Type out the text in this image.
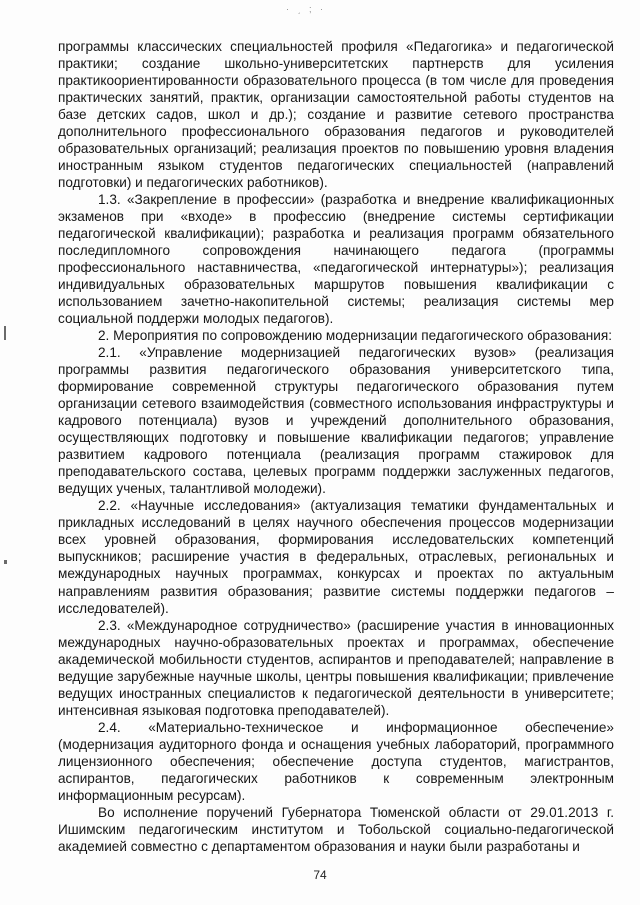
· ˏ ; ·

программы классических специальностей профиля «Педагогика» и педагогической практики; создание школьно-университетских партнерств для усиления практикоориентированности образовательного процесса (в том числе для проведения практических занятий, практик, организации самостоятельной работы студентов на базе детских садов, школ и др.); создание и развитие сетевого пространства дополнительного профессионального образования педагогов и руководителей образовательных организаций; реализация проектов по повышению уровня владения иностранным языком студентов педагогических специальностей (направлений подготовки) и педагогических работников).

1.3. «Закрепление в профессии» (разработка и внедрение квалификационных экзаменов при «входе» в профессию (внедрение системы сертификации педагогической квалификации); разработка и реализация программ обязательного последипломного сопровождения начинающего педагога (программы профессионального наставничества, «педагогической интернатуры»); реализация индивидуальных образовательных маршрутов повышения квалификации с использованием зачетно-накопительной системы; реализация системы мер социальной поддержи молодых педагогов).

2. Мероприятия по сопровождению модернизации педагогического образования:

2.1. «Управление модернизацией педагогических вузов» (реализация программы развития педагогического образования университетского типа, формирование современной структуры педагогического образования путем организации сетевого взаимодействия (совместного использования инфраструктуры и кадрового потенциала) вузов и учреждений дополнительного образования, осуществляющих подготовку и повышение квалификации педагогов; управление развитием кадрового потенциала (реализация программ стажировок для преподавательского состава, целевых программ поддержки заслуженных педагогов, ведущих ученых, талантливой молодежи).

2.2. «Научные исследования» (актуализация тематики фундаментальных и прикладных исследований в целях научного обеспечения процессов модернизации всех уровней образования, формирования исследовательских компетенций выпускников; расширение участия в федеральных, отраслевых, региональных и международных научных программах, конкурсах и проектах по актуальным направлениям развития образования; развитие системы поддержки педагогов – исследователей).

2.3. «Международное сотрудничество» (расширение участия в инновационных международных научно-образовательных проектах и программах, обеспечение академической мобильности студентов, аспирантов и преподавателей; направление в ведущие зарубежные научные школы, центры повышения квалификации; привлечение ведущих иностранных специалистов к педагогической деятельности в университете; интенсивная языковая подготовка преподавателей).

2.4. «Материально-техническое и информационное обеспечение» (модернизация аудиторного фонда и оснащения учебных лабораторий, программного лицензионного обеспечения; обеспечение доступа студентов, магистрантов, аспирантов, педагогических работников к современным электронным информационным ресурсам).

Во исполнение поручений Губернатора Тюменской области от 29.01.2013 г. Ишимским педагогическим институтом и Тобольской социально-педагогической академией совместно с департаментом образования и науки были разработаны и

74
